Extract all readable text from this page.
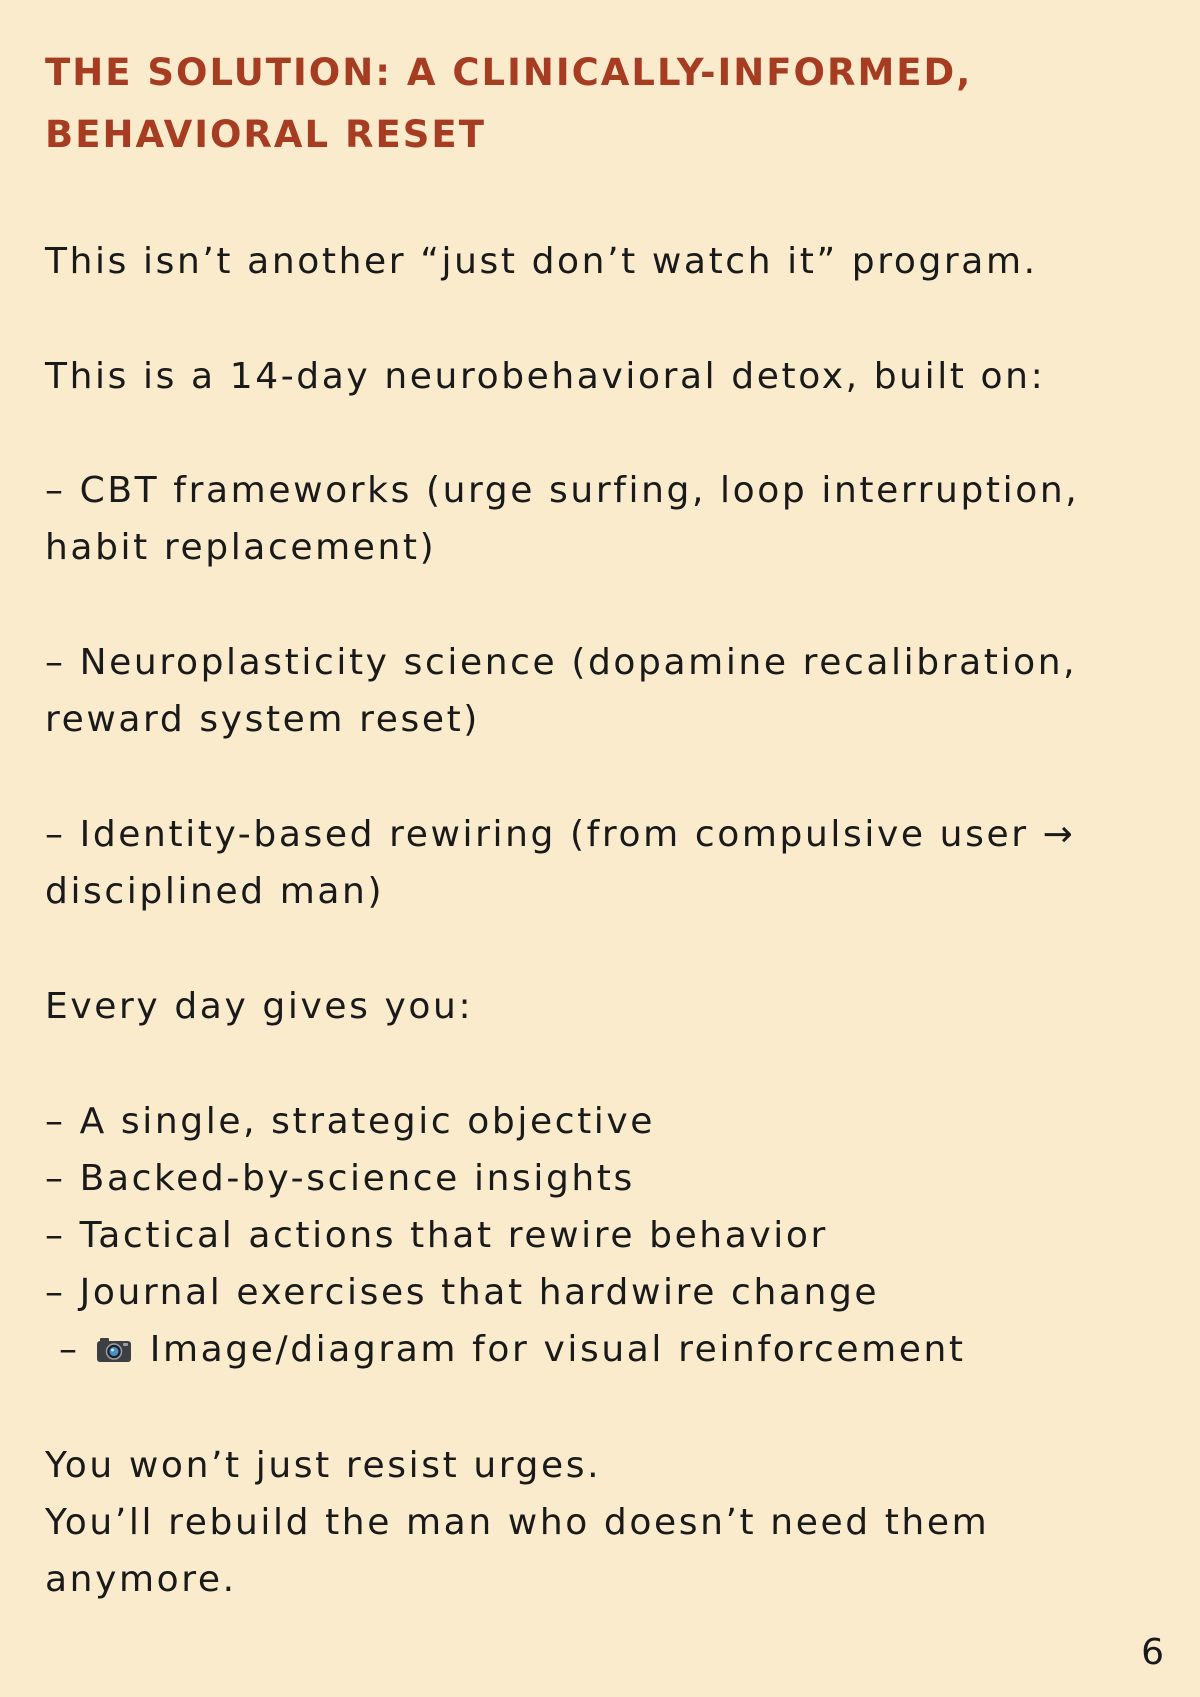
THE SOLUTION: A CLINICALLY-INFORMED,
BEHAVIORAL RESET

This isn’t another “just don’t watch it” program.

This is a 14-day neurobehavioral detox, built on:

– CBT frameworks (urge surfing, loop interruption,
habit replacement)

– Neuroplasticity science (dopamine recalibration,
reward system reset)

– Identity-based rewiring (from compulsive user →
disciplined man)

Every day gives you:

– A single, strategic objective
– Backed-by-science insights
– Tactical actions that rewire behavior
– Journal exercises that hardwire change
–  Image/diagram for visual reinforcement
You won’t just resist urges.
You’ll rebuild the man who doesn’t need them
anymore.
6
